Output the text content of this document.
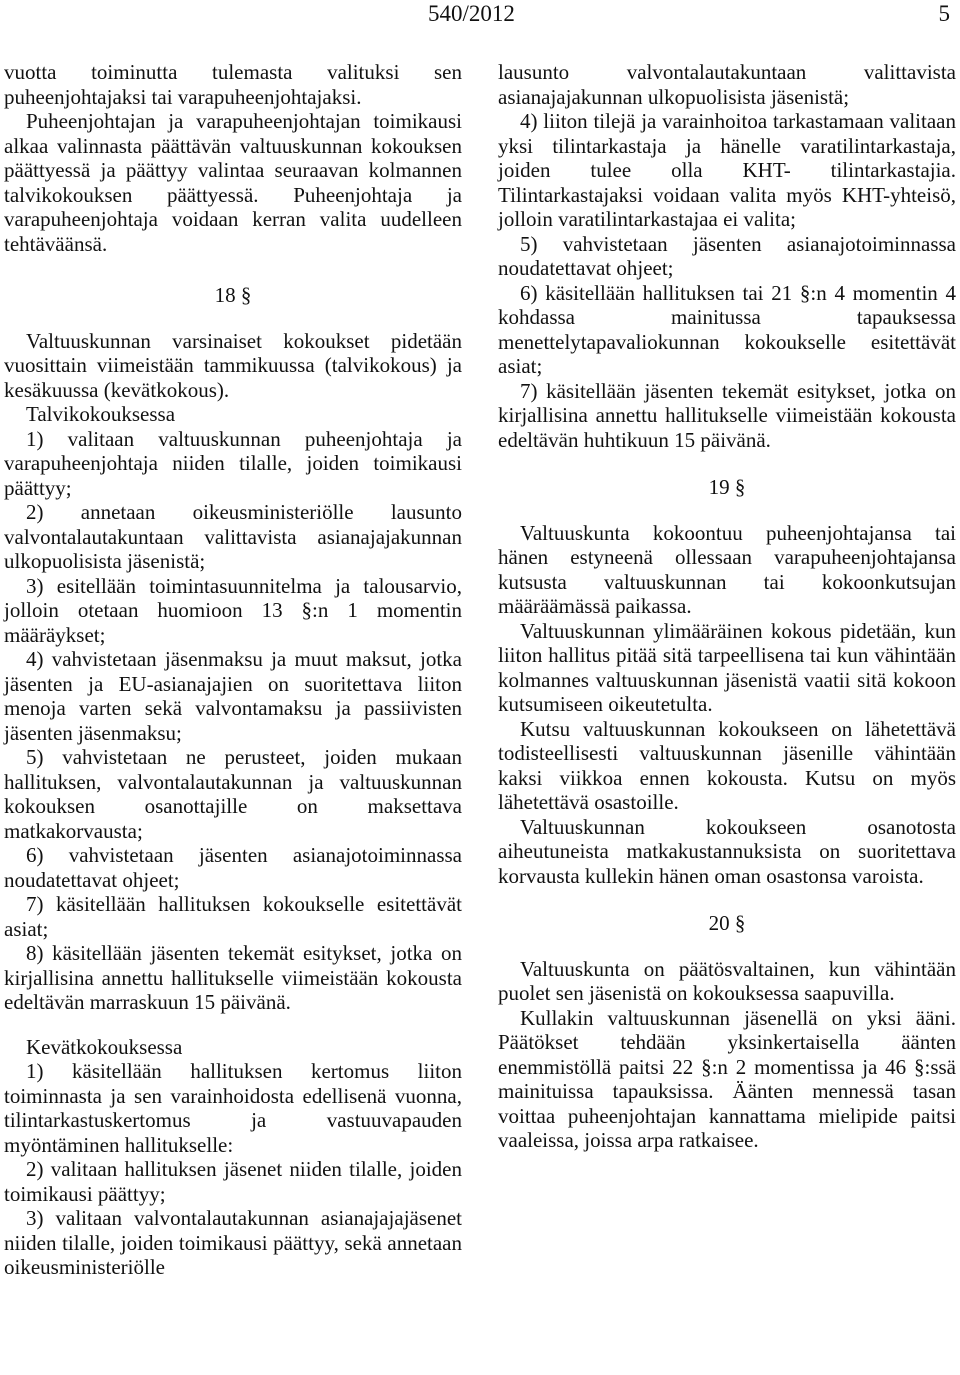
540/2012	5

vuotta toiminutta tulemasta valituksi sen puheenjohtajaksi tai varapuheenjohtajaksi.

Puheenjohtajan ja varapuheenjohtajan toimikausi alkaa valinnasta päättävän valtuuskunnan kokouksen päättyessä ja päättyy valintaa seuraavan kolmannen talvikokouksen päättyessä. Puheenjohtaja ja varapuheenjohtaja voidaan kerran valita uudelleen tehtäväänsä.

18 §

Valtuuskunnan varsinaiset kokoukset pidetään vuosittain viimeistään tammikuussa (talvikokous) ja kesäkuussa (kevätkokous).

Talvikokouksessa

1) valitaan valtuuskunnan puheenjohtaja ja varapuheenjohtaja niiden tilalle, joiden toimikausi päättyy;

2) annetaan oikeusministeriölle lausunto valvontalautakuntaan valittavista asianajajakunnan ulkopuolisista jäsenistä;

3) esitellään toimintasuunnitelma ja talousarvio, jolloin otetaan huomioon 13 §:n 1 momentin määräykset;

4) vahvistetaan jäsenmaksu ja muut maksut, jotka jäsenten ja EU-asianajajien on suoritettava liiton menoja varten sekä valvontamaksu ja passiivisten jäsenten jäsenmaksu;

5) vahvistetaan ne perusteet, joiden mukaan hallituksen, valvontalautakunnan ja valtuuskunnan kokouksen osanottajille on maksettava matkakorvausta;

6) vahvistetaan jäsenten asianajotoiminnassa noudatettavat ohjeet;

7) käsitellään hallituksen kokoukselle esitettävät asiat;

8) käsitellään jäsenten tekemät esitykset, jotka on kirjallisina annettu hallitukselle viimeistään kokousta edeltävän marraskuun 15 päivänä.

Kevätkokouksessa

1) käsitellään hallituksen kertomus liiton toiminnasta ja sen varainhoidosta edellisenä vuonna, tilintarkastuskertomus ja vastuuvapauden myöntäminen hallitukselle:

2) valitaan hallituksen jäsenet niiden tilalle, joiden toimikausi päättyy;

3) valitaan valvontalautakunnan asianajajajäsenet niiden tilalle, joiden toimikausi päättyy, sekä annetaan oikeusministeriölle

lausunto valvontalautakuntaan valittavista asianajajakunnan ulkopuolisista jäsenistä;

4) liiton tilejä ja varainhoitoa tarkastamaan valitaan yksi tilintarkastaja ja hänelle varatilintarkastaja, joiden tulee olla KHT- tilintarkastajia. Tilintarkastajaksi voidaan valita myös KHT-yhteisö, jolloin varatilintarkastajaa ei valita;

5) vahvistetaan jäsenten asianajotoiminnassa noudatettavat ohjeet;

6) käsitellään hallituksen tai 21 §:n 4 momentin 4 kohdassa mainitussa tapauksessa menettelytapavaliokunnan kokoukselle esitettävät asiat;

7) käsitellään jäsenten tekemät esitykset, jotka on kirjallisina annettu hallitukselle viimeistään kokousta edeltävän huhtikuun 15 päivänä.

19 §

Valtuuskunta kokoontuu puheenjohtajansa tai hänen estyneenä ollessaan varapuheenjohtajansa kutsusta valtuuskunnan tai kokoonkutsujan määräämässä paikassa.

Valtuuskunnan ylimääräinen kokous pidetään, kun liiton hallitus pitää sitä tarpeellisena tai kun vähintään kolmannes valtuuskunnan jäsenistä vaatii sitä kokoon kutsumiseen oikeutetulta.

Kutsu valtuuskunnan kokoukseen on lähetettävä todisteellisesti valtuuskunnan jäsenille vähintään kaksi viikkoa ennen kokousta. Kutsu on myös lähetettävä osastoille.

Valtuuskunnan kokoukseen osanotosta aiheutuneista matkakustannuksista on suoritettava korvausta kullekin hänen oman osastonsa varoista.

20 §

Valtuuskunta on päätösvaltainen, kun vähintään puolet sen jäsenistä on kokouksessa saapuvilla.

Kullakin valtuuskunnan jäsenellä on yksi ääni. Päätökset tehdään yksinkertaisella äänten enemmistöllä paitsi 22 §:n 2 momentissa ja 46 §:ssä mainituissa tapauksissa. Äänten mennessä tasan voittaa puheenjohtajan kannattama mielipide paitsi vaaleissa, joissa arpa ratkaisee.
